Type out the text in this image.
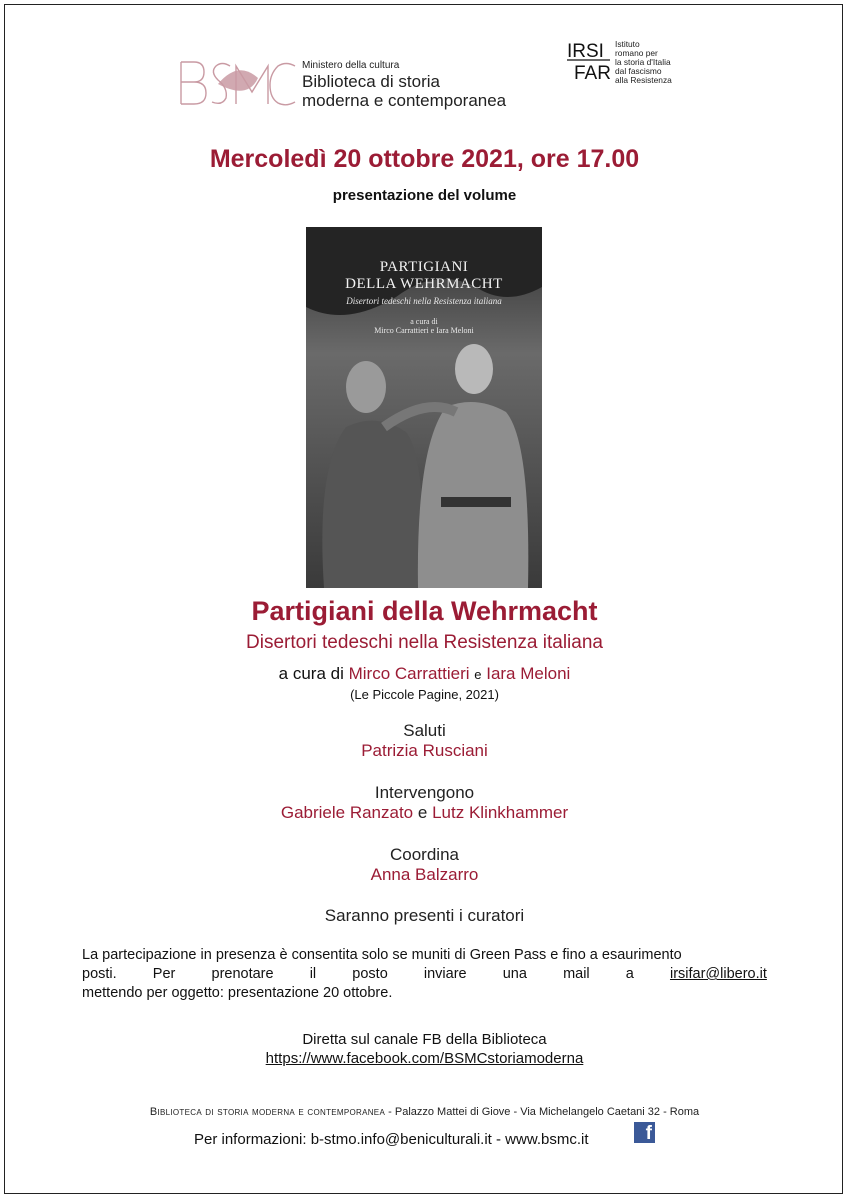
Ministero della cultura
Biblioteca di storia
moderna e contemporanea
IRSI
FAR
Istituto
romano per
la storia d'Italia
dal fascismo
alla Resistenza
Mercoledì 20 ottobre 2021, ore 17.00
presentazione del volume
PARTIGIANI
DELLA WEHRMACHT
Disertori tedeschi nella Resistenza italiana
a cura di
Mirco Carrattieri e Iara Meloni
Partigiani della Wehrmacht
Disertori tedeschi nella Resistenza italiana
a cura di Mirco Carrattieri e Iara Meloni
(Le Piccole Pagine, 2021)
Saluti
Patrizia Rusciani
Intervengono
Gabriele Ranzato e Lutz Klinkhammer
Coordina
Anna Balzarro
Saranno presenti i curatori
La partecipazione in presenza è consentita solo se muniti di Green Pass e fino a esaurimento
posti. Per prenotare il posto inviare una mail a irsifar@libero.it
mettendo per oggetto: presentazione 20 ottobre.
Diretta sul canale FB della Biblioteca
https://www.facebook.com/BSMCstoriamoderna
Biblioteca di storia moderna e contemporanea - Palazzo Mattei di Giove - Via Michelangelo Caetani 32 - Roma
Per informazioni: b-stmo.info@beniculturali.it - www.bsmc.it	f
